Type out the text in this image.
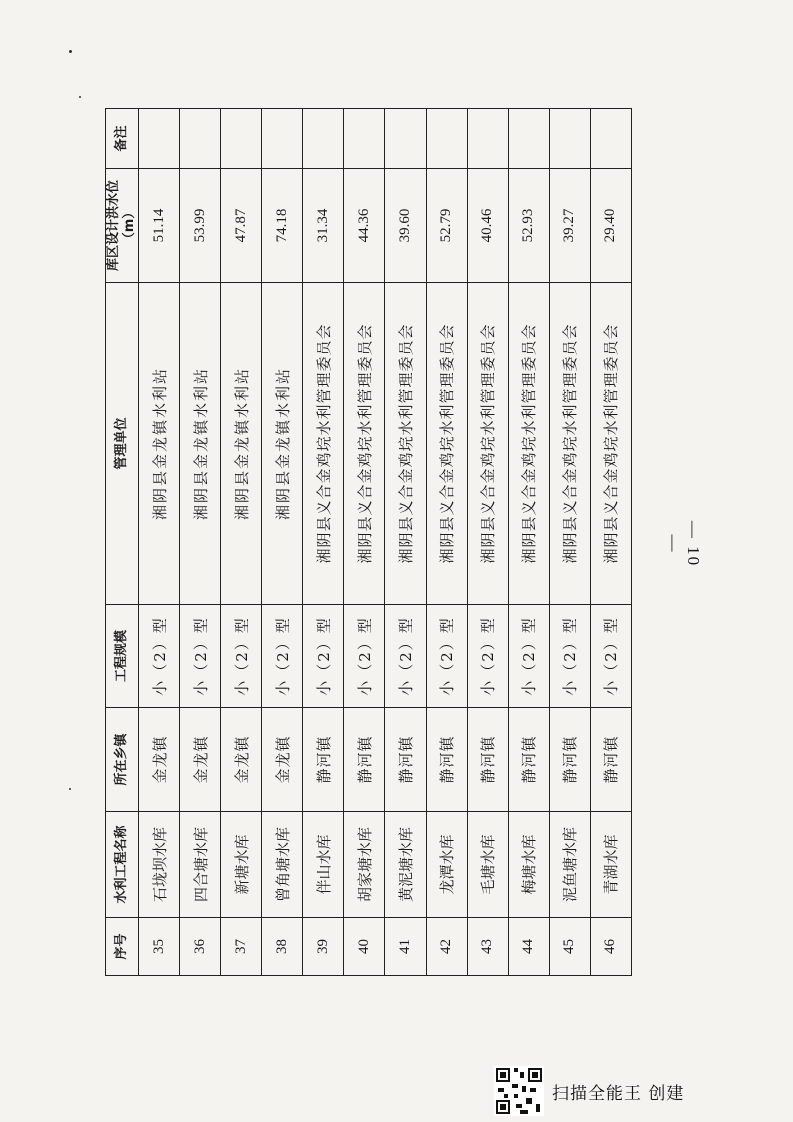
序号	水利工程名称	所在乡镇	工程规模	管理单位	库区设计洪水位（m）	备注
35	石垅坝水库	金龙镇	小（2）型	湘阴县金龙镇水利站	51.14	
36	四合塘水库	金龙镇	小（2）型	湘阴县金龙镇水利站	53.99	
37	新塘水库	金龙镇	小（2）型	湘阴县金龙镇水利站	47.87	
38	曾角塘水库	金龙镇	小（2）型	湘阴县金龙镇水利站	74.18	
39	伴山水库	静河镇	小（2）型	湘阴县义合金鸡垸水利管理委员会	31.34	
40	胡家塘水库	静河镇	小（2）型	湘阴县义合金鸡垸水利管理委员会	44.36	
41	黄泥塘水库	静河镇	小（2）型	湘阴县义合金鸡垸水利管理委员会	39.60	
42	龙潭水库	静河镇	小（2）型	湘阴县义合金鸡垸水利管理委员会	52.79	
43	毛塘水库	静河镇	小（2）型	湘阴县义合金鸡垸水利管理委员会	40.46	
44	梅塘水库	静河镇	小（2）型	湘阴县义合金鸡垸水利管理委员会	52.93	
45	泥鱼塘水库	静河镇	小（2）型	湘阴县义合金鸡垸水利管理委员会	39.27	
46	青湖水库	静河镇	小（2）型	湘阴县义合金鸡垸水利管理委员会	29.40	
— 10 —
扫描全能王 创建
